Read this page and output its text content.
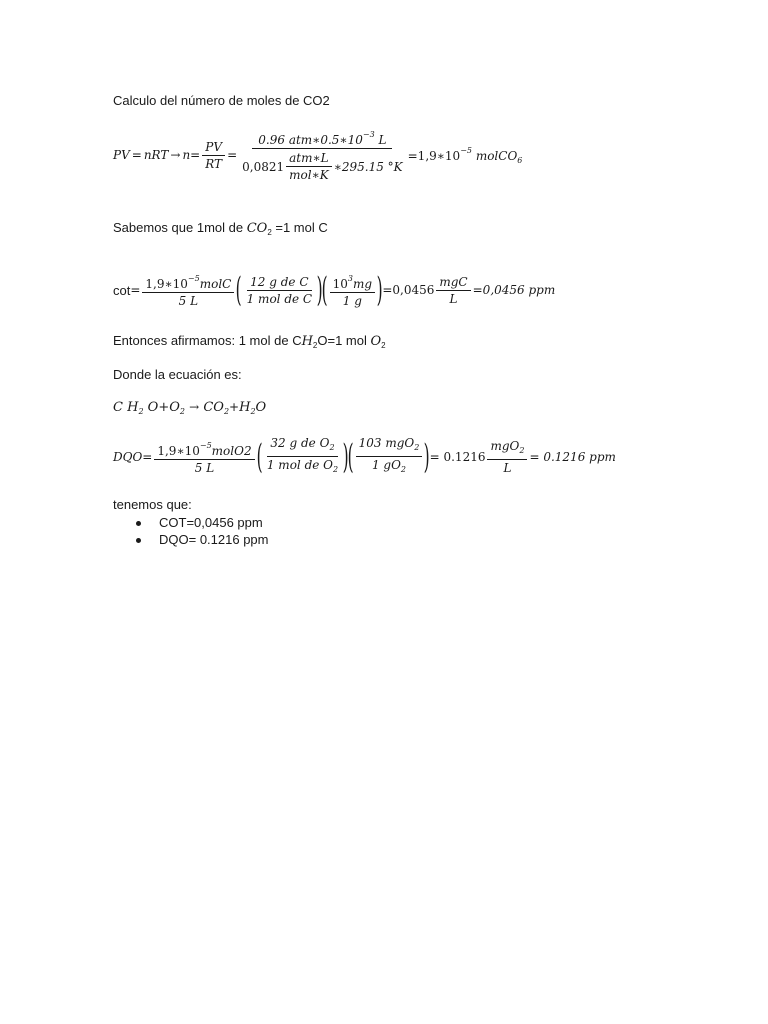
Calculo del número de moles de CO2
PV = nRT → $n= \frac{PV}{RT}$ =
0.96 $atm∗0.5∗10^{-3}$ L
$0,0821 \frac{\text{atm∗L}}{\text{mol∗K}}$ ∗295.15 °K
$=1,9∗10^{-5}$ molCO$_6$
Sabemos que 1mol de $CO_2 =1$ mol C
$\cot = \frac{1,9∗10^{-5}molC}{5 L}$ ( $\frac{\text{12 g de C}}{\text{1 mol de C}}$ ) ( $\frac{10^3mg}{1 g}$ ) $=0,0456 \frac{\text{mgC}}{L} =0,0456$ ppm
Entonces afirmamos: 1 mol de $CH_2O=1$ mol $O_2$
Donde la ecuación es:
C $H_2$ $O+O_2 \to CO_2+H_2O$
DQO = $\frac{1,9∗10^{-5}molO2}{5 L}$ ( $\frac{32 g de O_2}{1 mol de O_2}$ ) ( $\frac{103 mgO_2}{1 gO_2}$ ) = $0.1216 \frac{mgO_2}{L} = 0.1216$ ppm
tenemos que:
COT=0,0456 ppm
DQO= 0.1216 ppm
